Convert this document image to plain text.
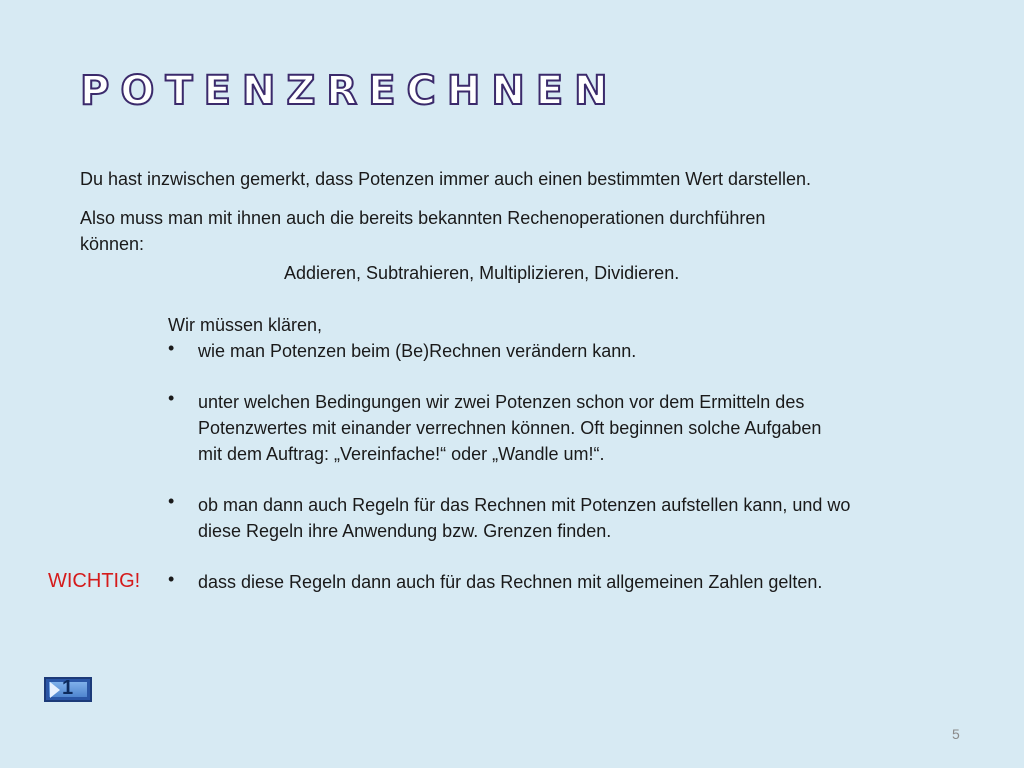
POTENZRECHNEN
Du hast inzwischen gemerkt, dass Potenzen immer auch einen bestimmten Wert darstellen.
Also muss man mit ihnen auch die bereits bekannten Rechenoperationen durchführen
können:
Addieren, Subtrahieren, Multiplizieren, Dividieren.
Wir müssen klären,
• wie man Potenzen beim (Be)Rechnen verändern kann.
• unter welchen Bedingungen wir zwei Potenzen schon vor dem Ermitteln des
Potenzwertes mit einander verrechnen können. Oft beginnen solche Aufgaben
mit dem Auftrag: „Vereinfache!“ oder „Wandle um!“.
• ob man dann auch Regeln für das Rechnen mit Potenzen aufstellen kann, und wo
diese Regeln ihre Anwendung bzw. Grenzen finden.
WICHTIG! • dass diese Regeln dann auch für das Rechnen mit allgemeinen Zahlen gelten.
1
5
